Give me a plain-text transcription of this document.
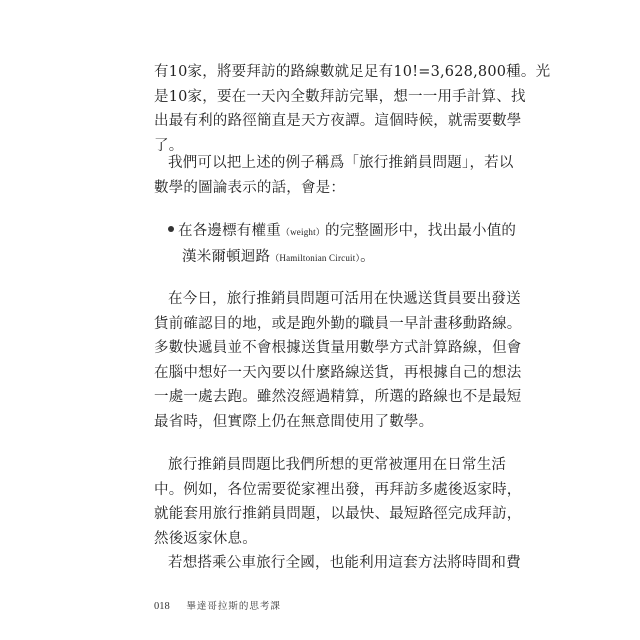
有10家，將要拜訪的路線數就足足有10!=3,628,800種。光
是10家，要在一天內全數拜訪完畢，想一一用手計算、找
出最有利的路徑簡直是天方夜譚。這個時候，就需要數學
了。
我們可以把上述的例子稱爲「旅行推銷員問題」，若以
數學的圖論表示的話，會是：
在各邊標有權重（weight）的完整圖形中，找出最小值的
漢米爾頓迴路（Hamiltonian Circuit）。
在今日，旅行推銷員問題可活用在快遞送貨員要出發送
貨前確認目的地，或是跑外勤的職員一早計畫移動路線。
多數快遞員並不會根據送貨量用數學方式計算路線，但會
在腦中想好一天內要以什麼路線送貨，再根據自己的想法
一處一處去跑。雖然沒經過精算，所選的路線也不是最短
最省時，但實際上仍在無意間使用了數學。
旅行推銷員問題比我們所想的更常被運用在日常生活
中。例如，各位需要從家裡出發，再拜訪多處後返家時，
就能套用旅行推銷員問題，以最快、最短路徑完成拜訪，
然後返家休息。
若想搭乘公車旅行全國，也能利用這套方法將時間和費
018 畢達哥拉斯的思考課
